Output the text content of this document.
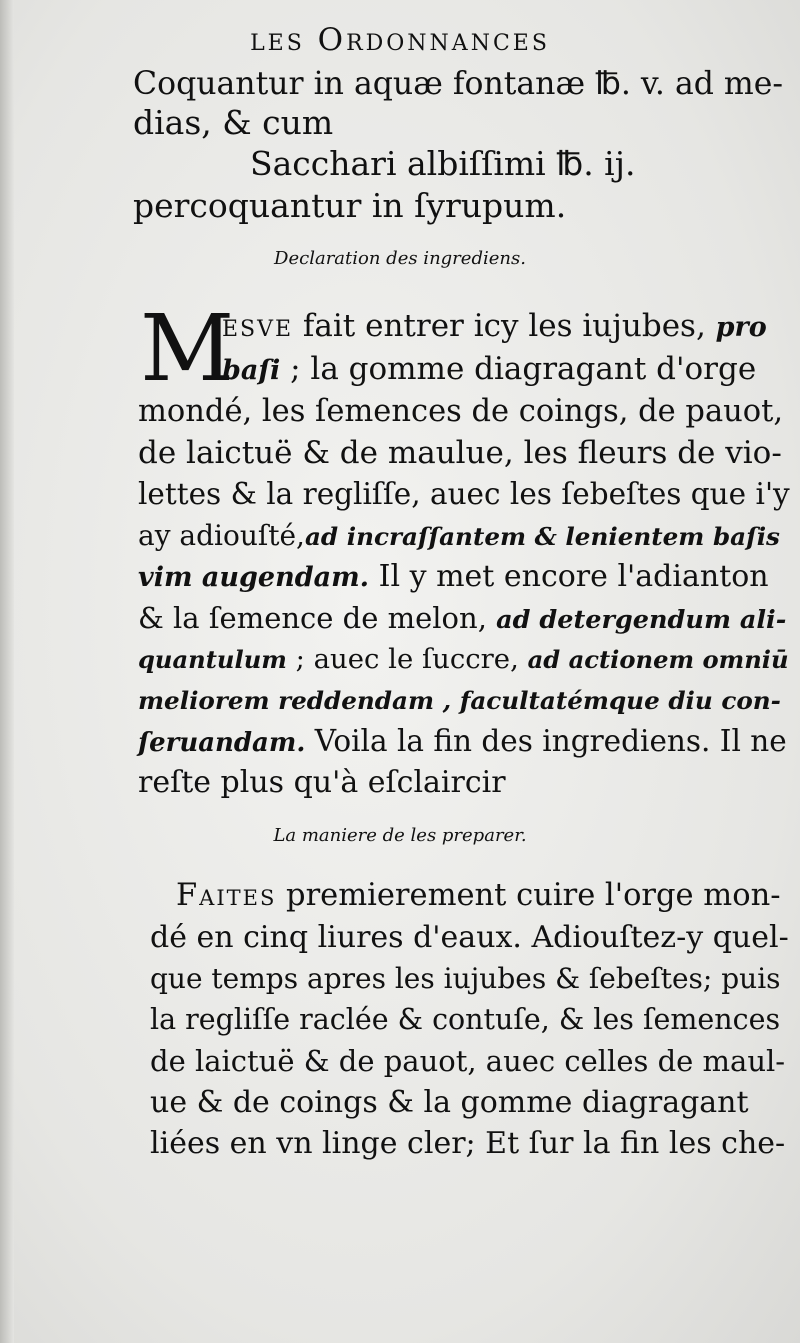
les Ordonnances
Coquantur in aquæ fontanæ ℔. v. ad me-
dias, & cum
Sacchari albiſſimi ℔. ij.
percoquantur in ſyrupum.
Declaration des ingrediens.
M
esve fait entrer icy les iujubes, pro
baſi ; la gomme diagragant d'orge
mondé, les ſemences de coings, de pauot,
de laictuë & de maulue, les fleurs de vio-
lettes & la regliſſe, auec les ſebeſtes que i'y
ay adiouſté,ad incraſſantem & lenientem baſis
vim augendam. Il y met encore l'adianton
& la ſemence de melon, ad detergendum ali-
quantulum ; auec le ſuccre, ad actionem omniū
meliorem reddendam , facultatémque diu con-
ſeruandam. Voila la fin des ingrediens. Il ne
reſte plus qu'à eſclaircir
La maniere de les preparer.
Faites premierement cuire l'orge mon-
dé en cinq liures d'eaux. Adiouſtez-y quel-
que temps apres les iujubes & ſebeſtes; puis
la regliſſe raclée & contuſe, & les ſemences
de laictuë & de pauot, auec celles de maul-
ue & de coings & la gomme diagragant
liées en vn linge cler; Et ſur la fin les che-
